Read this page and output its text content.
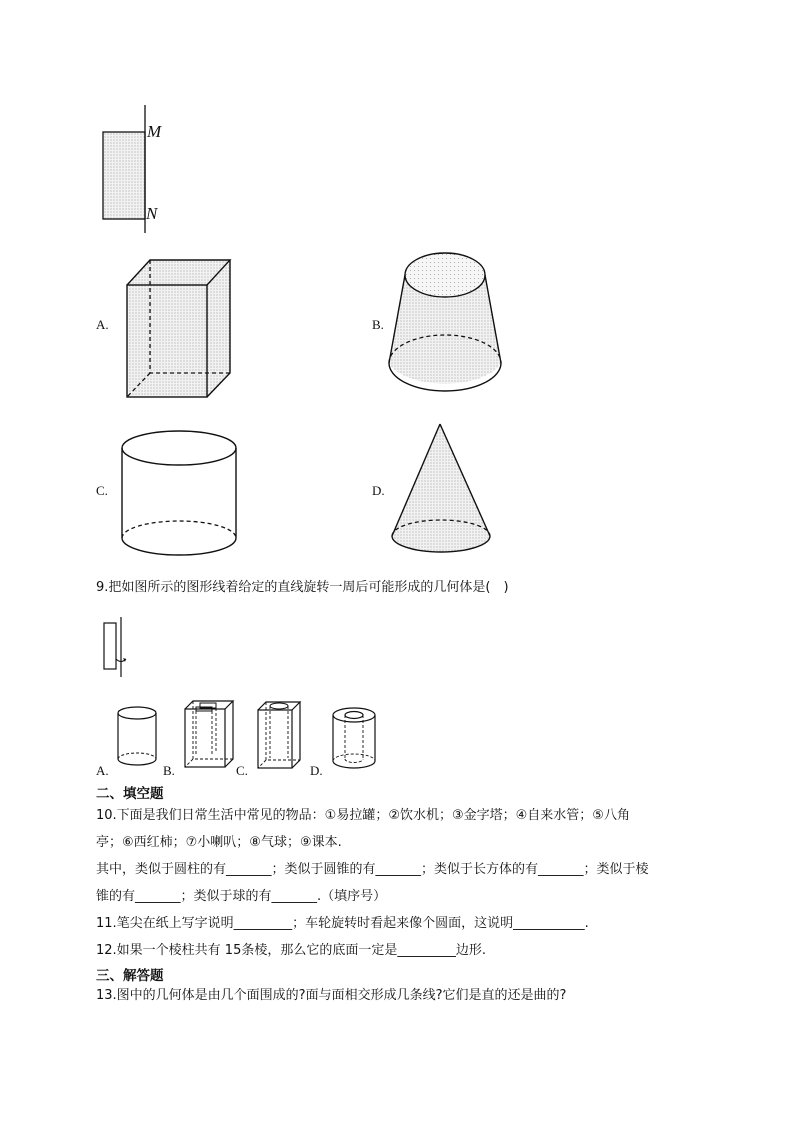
M
N
A.	B.
C.	D.
9.把如图所示的图形线着给定的直线旋转一周后可能形成的几何体是(　)
A.	B.	C.	D.
二、填空题
10.下面是我们日常生活中常见的物品：①易拉罐；②饮水机；③金字塔；④自来水管；⑤八角
亭；⑥西红柿；⑦小喇叭；⑧气球；⑨课本.
其中，类似于圆柱的有_______；类似于圆锥的有_______；类似于长方体的有_______；类似于棱
锥的有_______；类似于球的有_______.（填序号）
11.笔尖在纸上写字说明_________；车轮旋转时看起来像个圆面，这说明___________.
12.如果一个棱柱共有 15条棱，那么它的底面一定是_________边形.
三、解答题
13.图中的几何体是由几个面围成的?面与面相交形成几条线?它们是直的还是曲的?
